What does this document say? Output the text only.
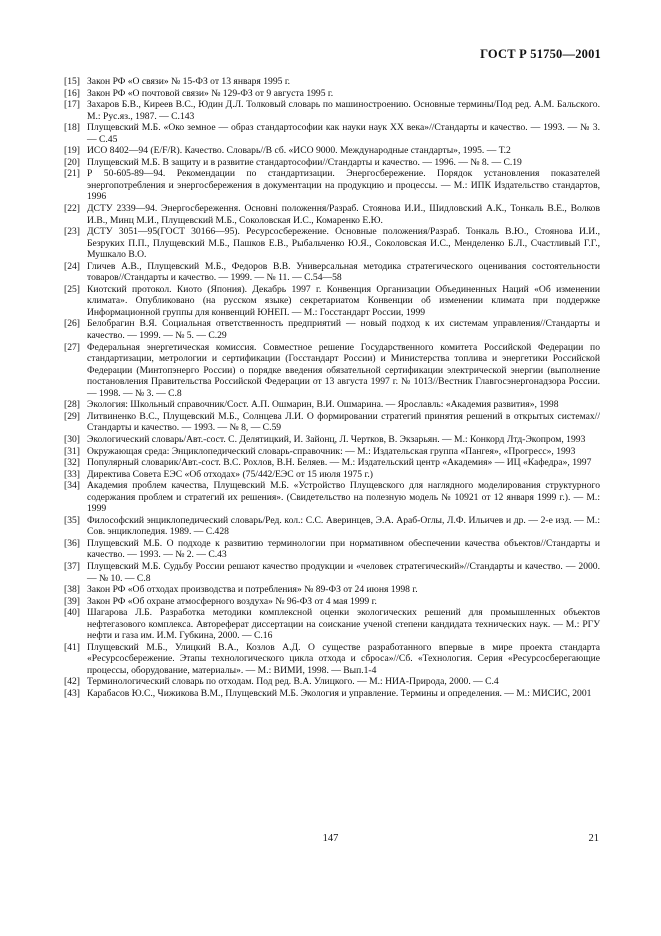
ГОСТ Р 51750—2001
[15] Закон РФ «О связи» № 15-ФЗ от 13 января 1995 г.
[16] Закон РФ «О почтовой связи» № 129-ФЗ от 9 августа 1995 г.
[17] Захаров Б.В., Киреев В.С., Юдин Д.Л. Толковый словарь по машиностроению. Основные термины/Под ред. А.М. Бальского. М.: Рус.яз., 1987. — С.143
[18] Плущевский М.Б. «Око земное — образ стандартософии как науки наук XX века»//Стандарты и качество. — 1993. — № 3. — С.45
[19] ИСО 8402—94 (E/F/R). Качество. Словарь//В сб. «ИСО 9000. Международные стандарты», 1995. — Т.2
[20] Плущевский М.Б. В защиту и в развитие стандартософии//Стандарты и качество. — 1996. — № 8. — С.19
[21] Р 50-605-89—94. Рекомендации по стандартизации. Энергосбережение. Порядок установления показателей энергопотребления и энергосбережения в документации на продукцию и процессы. — М.: ИПК Издательство стандартов, 1996
[22] ДСТУ 2339—94. Энергосбереження. Основні положення/Разраб. Стоянова И.И., Шидловский А.К., Тонкаль В.Е., Волков И.В., Минц М.И., Плущевский М.Б., Соколовская И.С., Комаренко Е.Ю.
[23] ДСТУ 3051—95(ГОСТ 30166—95). Ресурсосбережение. Основные положения/Разраб. Тонкаль В.Ю., Стоянова И.И., Безруких П.П., Плущевский М.Б., Пашков Е.В., Рыбальченко Ю.Я., Соколовская И.С., Менделенко Б.Л., Счастливый Г.Г., Мушкало В.О.
[24] Гличев А.В., Плущевский М.Б., Федоров В.В. Универсальная методика стратегического оценивания состоятельности товаров//Стандарты и качество. — 1999. — № 11. — С.54—58
[25] Киотский протокол. Киото (Япония). Декабрь 1997 г. Конвенция Организации Объединенных Наций «Об изменении климата». Опубликовано (на русском языке) секретариатом Конвенции об изменении климата при поддержке Информационной группы для конвенций ЮНЕП. — М.: Госстандарт России, 1999
[26] Белобрагин В.Я. Социальная ответственность предприятий — новый подход к их системам управления//Стандарты и качество. — 1999. — № 5. — С.29
[27] Федеральная энергетическая комиссия. Совместное решение Государственного комитета Российской Федерации по стандартизации, метрологии и сертификации (Госстандарт России) и Министерства топлива и энергетики Российской Федерации (Минтопэнерго России) о порядке введения обязательной сертификации электрической энергии (выполнение постановления Правительства Российской Федерации от 13 августа 1997 г. № 1013//Вестник Главгосэнергонадзора России. — 1998. — № 3. — С.8
[28] Экология: Школьный справочник/Сост. А.П. Ошмарин, В.И. Ошмарина. — Ярославль: «Академия развития», 1998
[29] Литвиненко В.С., Плущевский М.Б., Солнцева Л.И. О формировании стратегий принятия решений в открытых системах//Стандарты и качество. — 1993. — № 8, — С.59
[30] Экологический словарь/Авт.-сост. С. Делятицкий, И. Зайонц, Л. Чертков, В. Экзарьян. — М.: Конкорд Лтд-Экопром, 1993
[31] Окружающая среда: Энциклопедический словарь-справочник: — М.: Издательская группа «Пангея», «Прогресс», 1993
[32] Популярный словарик/Авт.-сост. В.С. Рохлов, В.Н. Беляев. — М.: Издательский центр «Академия» — ИЦ «Кафедра», 1997
[33] Директива Совета ЕЭС «Об отходах» (75/442/ЕЭС от 15 июля 1975 г.)
[34] Академия проблем качества, Плущевский М.Б. «Устройство Плущевского для наглядного моделирования структурного содержания проблем и стратегий их решения». (Свидетельство на полезную модель № 10921 от 12 января 1999 г.). — М.: 1999
[35] Философский энциклопедический словарь/Ред. кол.: С.С. Аверинцев, Э.А. Араб-Оглы, Л.Ф. Ильичев и др. — 2-е изд. — М.: Сов. энциклопедия. 1989. — С.428
[36] Плущевский М.Б. О подходе к развитию терминологии при нормативном обеспечении качества объектов//Стандарты и качество. — 1993. — № 2. — С.43
[37] Плущевский М.Б. Судьбу России решают качество продукции и «человек стратегический»//Стандарты и качество. — 2000. — № 10. — С.8
[38] Закон РФ «Об отходах производства и потребления» № 89-ФЗ от 24 июня 1998 г.
[39] Закон РФ «Об охране атмосферного воздуха» № 96-ФЗ от 4 мая 1999 г.
[40] Шагарова Л.Б. Разработка методики комплексной оценки экологических решений для промышленных объектов нефтегазового комплекса. Автореферат диссертации на соискание ученой степени кандидата технических наук. — М.: РГУ нефти и газа им. И.М. Губкина, 2000. — С.16
[41] Плущевский М.Б., Улицкий В.А., Козлов А.Д. О существе разработанного впервые в мире проекта стандарта «Ресурсосбережение. Этапы технологического цикла отхода и сброса»//Сб. «Технология. Серия «Ресурсосберегающие процессы, оборудование, материалы». — М.: ВИМИ, 1998. — Вып.1-4
[42] Терминологический словарь по отходам. Под ред. В.А. Улицкого. — М.: НИА-Природа, 2000. — С.4
[43] Карабасов Ю.С., Чижикова В.М., Плущевский М.Б. Экология и управление. Термины и определения. — М.: МИСИС, 2001
147	21
